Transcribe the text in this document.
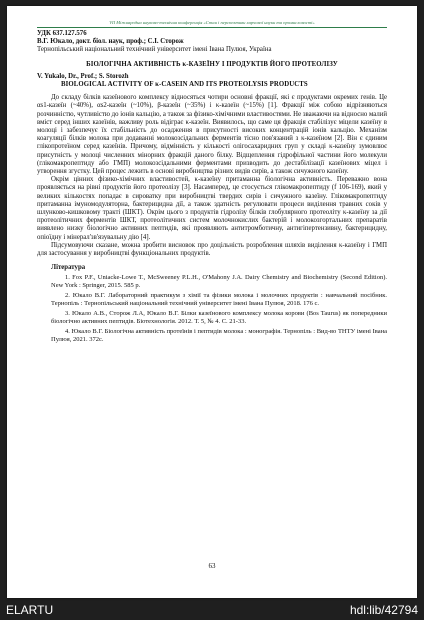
VII Міжнародна науково-технічна конференція «Стан і перспективи харчової науки та промисловості»

УДК 637.127.576

В.Г. Юкало, докт. біол. наук, проф.; С.І. Сторож

Тернопільський національний технічний університет імені Івана Пулюя, Україна

БІОЛОГІЧНА АКТИВНІСТЬ κ-КАЗЕЇНУ І ПРОДУКТІВ ЙОГО ПРОТЕОЛІЗУ

V. Yukalo, Dr., Prof.; S. Storozh

BIOLOGICAL ACTIVITY OF κ-CASEIN AND ITS PROTEOLYSIS PRODUCTS

До складу білків казеїнового комплексу відносяться чотири основні фракції, які є продуктами окремих генів. Це αs1-казеїн (~40%), αs2-казеїн (~10%), β-казеїн (~35%) і κ-казеїн (~15%) [1]. Фракції між собою відрізняються розчинністю, чутливістю до іонів кальцію, а також за фізико-хімічними властивостями. Не зважаючи на відносно малий вміст серед інших казеїнів, важливу роль відіграє κ-казеїн. Виявилось, що саме ця фракція стабілізує міцели казеїну в молоці і забезпечує їх стабільність до осадження в присутності високих концентрацій іонів кальцію. Механізм коагуляції білків молока при додаванні молокозсідальних ферментів тісно пов'язаний з κ-казеїном [2]. Він є єдиним глікопротеїном серед казеїнів. Причому, відмінність у кількості олігосахаридних груп у складі κ-казеїну зумовлює присутність у молоці численних мінорних фракцій даного білку. Відщеплення гідрофільної частини його молекули (глікомакропептиду або ГМП) молокозсідальними ферментами призводить до дестабілізації казеїнових міцел і утворення згустку. Цей процес лежить в основі виробництва різних видів сирів, а також сичужного казеїну.

Окрім цінних фізико-хімічних властивостей, κ-казеїну притаманна біологічна активність. Переважно вона проявляється на рівні продуктів його протеолізу [3]. Насамперед, це стосується глікомакропептиду (f 106-169), який у великих кількостях попадає в сироватку при виробництві твердих сирів і сичужного казеїну. Глікомакропептиду притаманна імуномодуляторна, бактерицидна дії, а також здатність регулювати процеси виділення травних соків у шлунково-кишковому тракті (ШКТ). Окрім цього з продуктів гідролізу білків глобулярного протеоліту κ-казеїну за дії протеолітичних ферментів ШКТ, протеолітичних систем молочнокислих бактерій і молокозгортальних препаратів виявлено низку біологічно активних пептидів, які проявляють антитромботичну, антигіпертензивну, бактерицидну, опіоїдну і мінерал'зв'язувальну дію [4].

Підсумовуючи сказане, можна зробити висновок про доцільність розроблення шляхів виділення κ-казеїну і ГМП для застосування у виробництві функціональних продуктів.

Література

1. Fox P.F., Uniacke-Lowe T., McSweeney P.L.H., O'Mahony J.A. Dairy Chemistry and Biochemistry (Second Edition). New York : Springer, 2015. 585 p.
2. Юкало В.Г. Лабораторний практикум з хімії та фізики молока і молочних продуктів : навчальний посібник. Тернопіль : Тернопільський національний технічний університет імені Івана Пулюя, 2018. 176 с.
3. Юкало А.В., Сторож Л.А, Юкало В.Г. Білки казеїнового комплексу молока корови (Bos Taurus) як попередники біологічно активних пептидів. Біотехнологія. 2012. Т. 5, № 4. С. 21-33.
4. Юкало В.Г. Біологічна активність протеїнів і пептидів молока : монографія. Тернопіль : Вид-во ТНТУ імені Івана Пулюя, 2021. 372с.
63
ELARTU	hdl:lib/42794
